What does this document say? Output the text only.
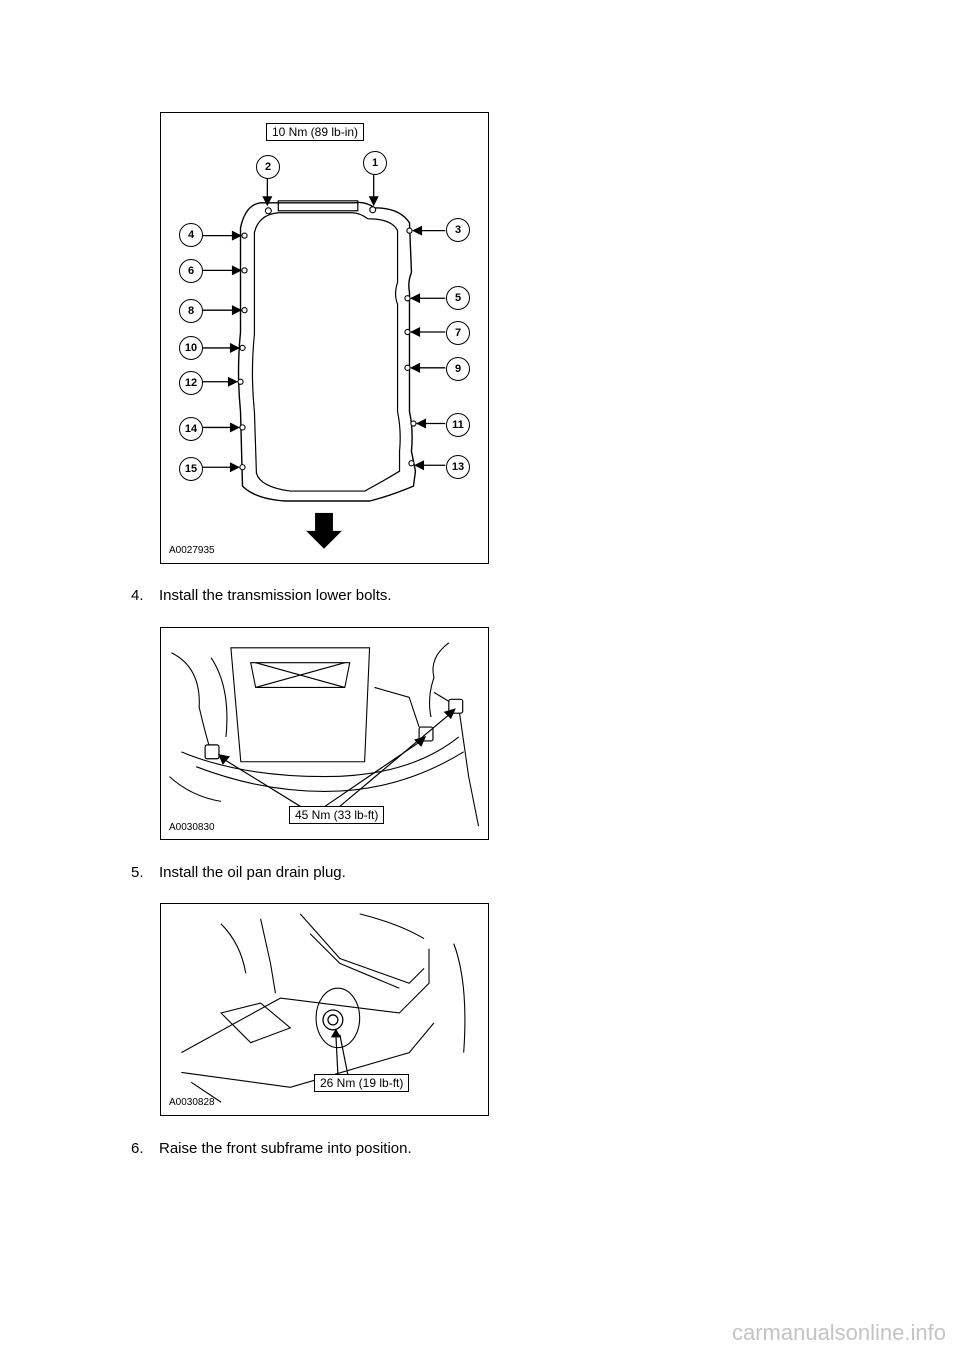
10 Nm (89 lb-in)
1
2
3
4
5
6
7
8
9
10
11
12
13
14
15
A0027935
4. Install the transmission lower bolts.
45 Nm (33 lb-ft)
A0030830
5. Install the oil pan drain plug.
26 Nm (19 lb-ft)
A0030828
6. Raise the front subframe into position.
carmanualsonline.info
